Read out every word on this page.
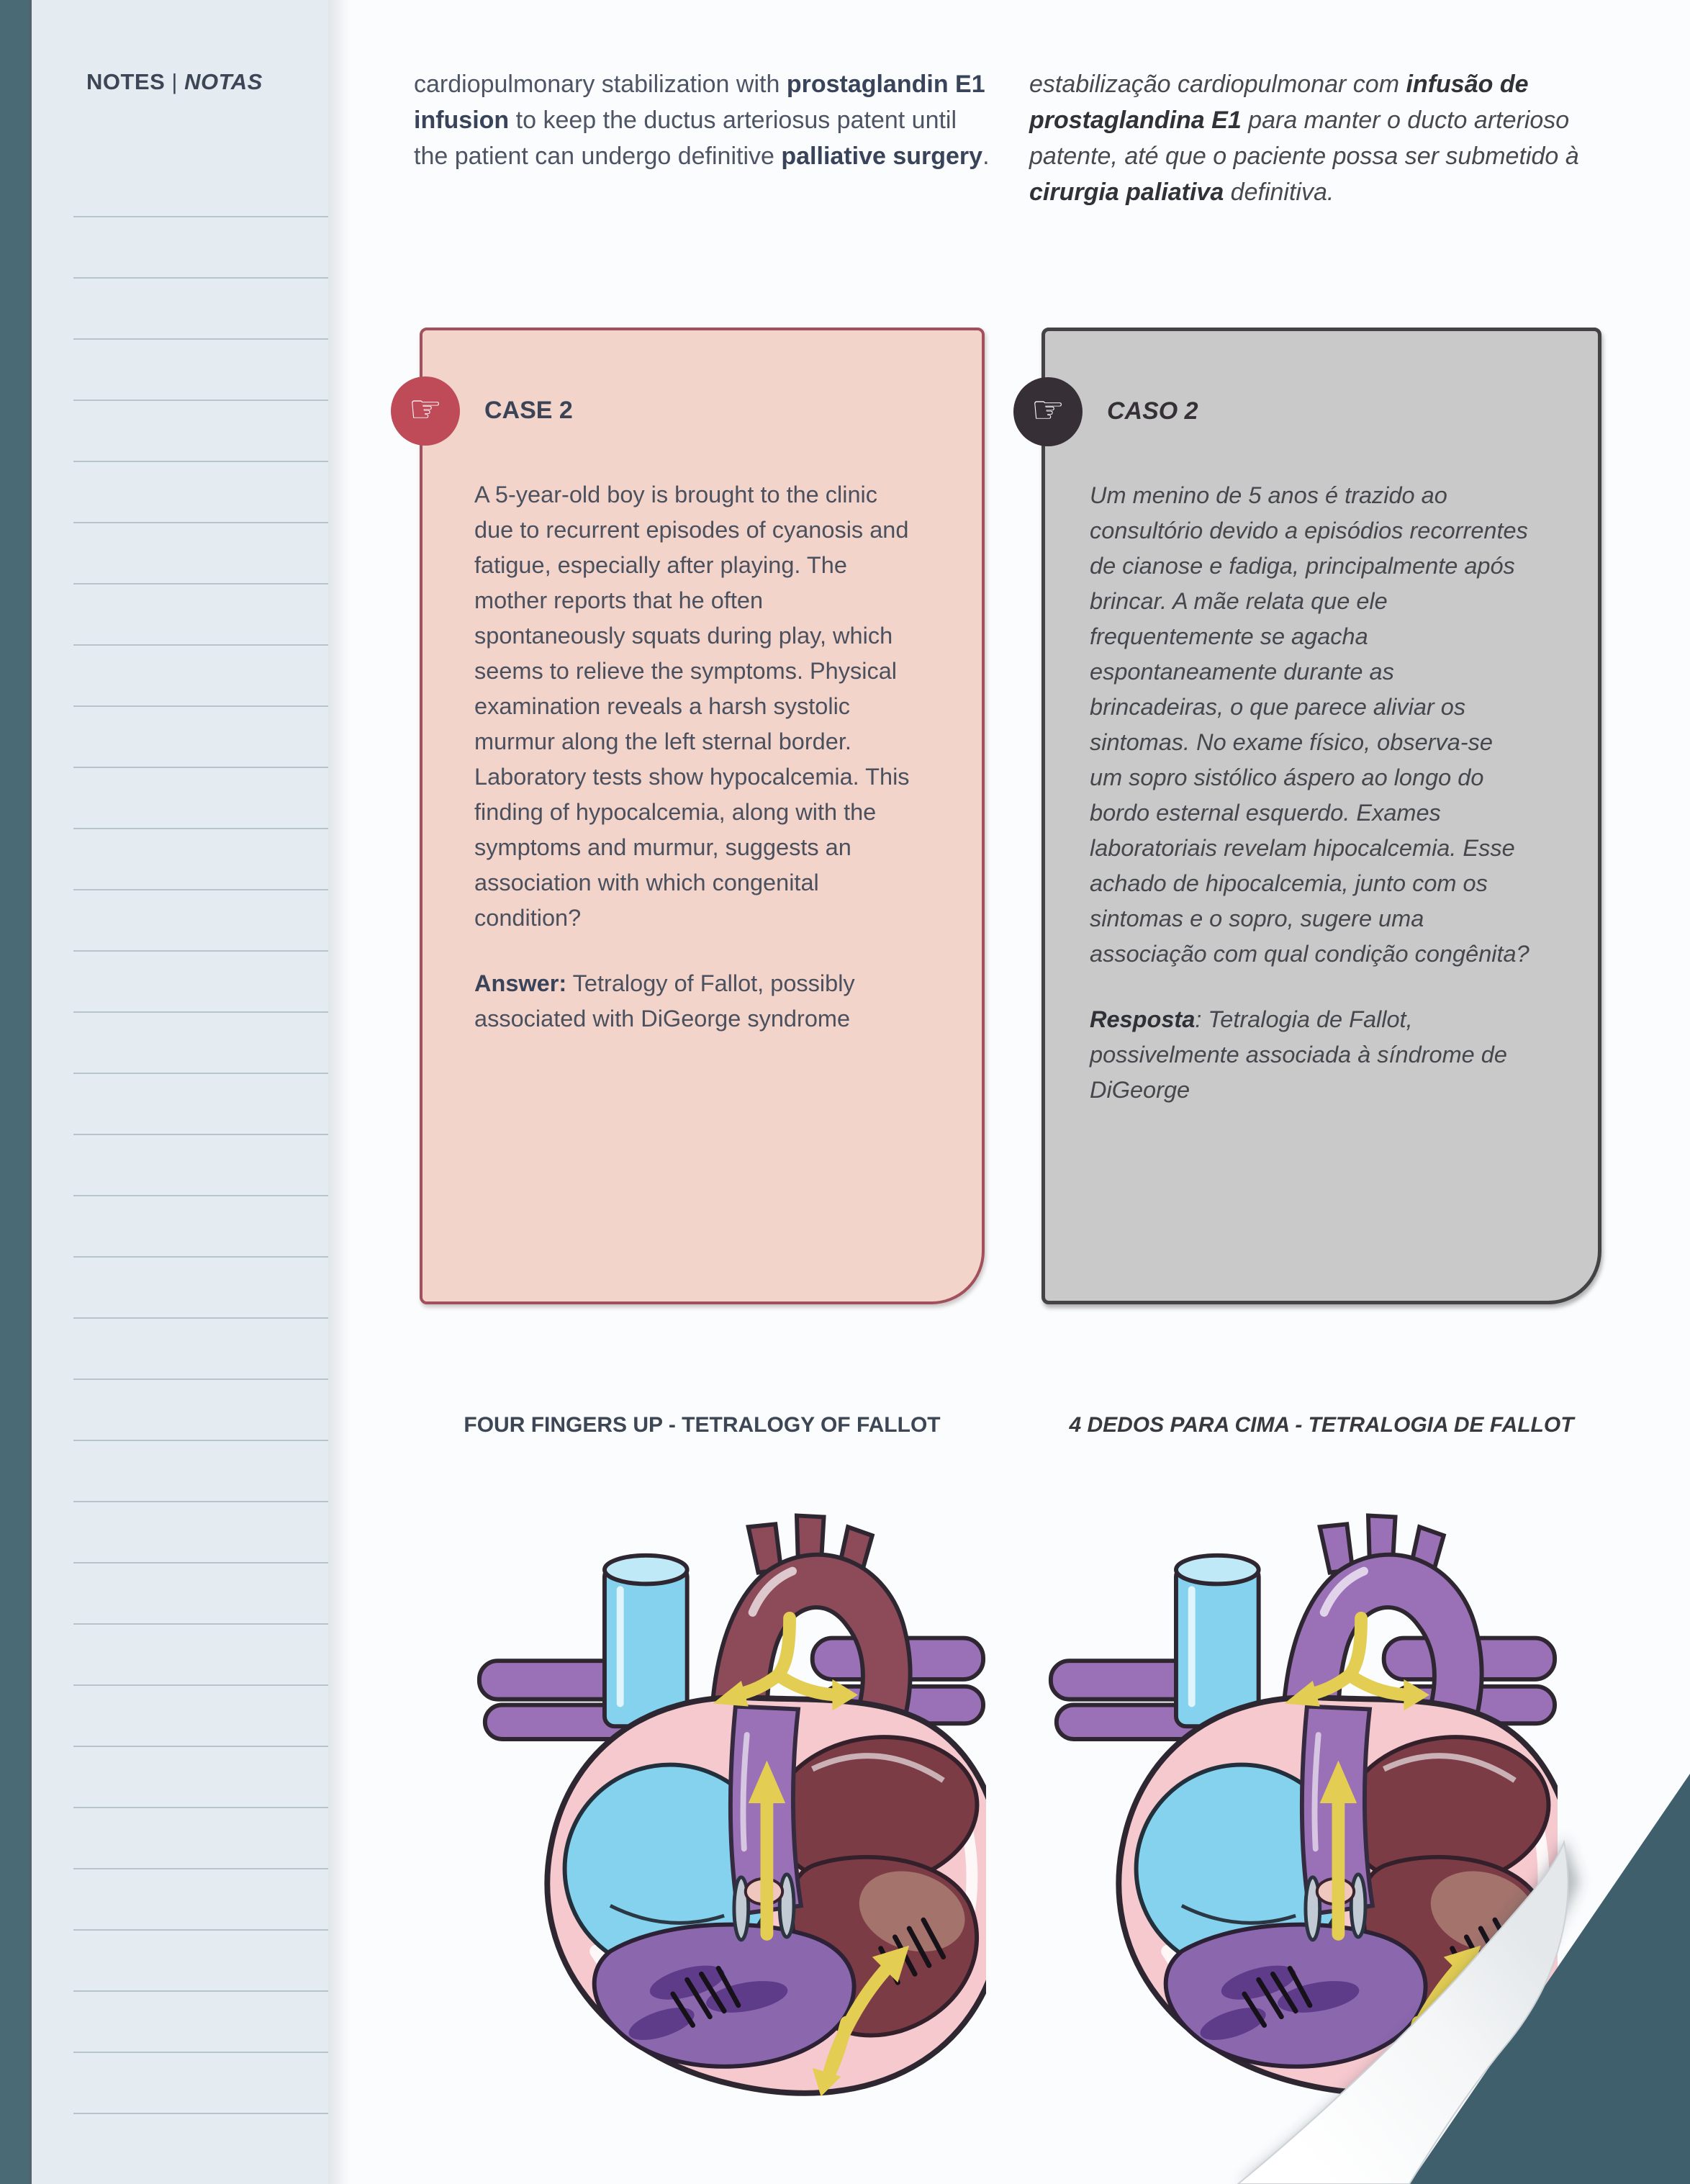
NOTES | NOTAS	cardiopulmonary stabilization with prostaglandin E1 infusion to keep the ductus arteriosus patent until the patient can undergo definitive palliative surgery.

estabilização cardiopulmonar com infusão de prostaglandina E1 para manter o ducto arterioso patente, até que o paciente possa ser submetido à cirurgia paliativa definitiva.

☞ CASE 2

A 5-year-old boy is brought to the clinic due to recurrent episodes of cyanosis and fatigue, especially after playing. The mother reports that he often spontaneously squats during play, which seems to relieve the symptoms. Physical examination reveals a harsh systolic murmur along the left sternal border. Laboratory tests show hypocalcemia. This finding of hypocalcemia, along with the symptoms and murmur, suggests an association with which congenital condition?

Answer: Tetralogy of Fallot, possibly associated with DiGeorge syndrome

☞ CASO 2

Um menino de 5 anos é trazido ao consultório devido a episódios recorrentes de cianose e fadiga, principalmente após brincar. A mãe relata que ele frequentemente se agacha espontaneamente durante as brincadeiras, o que parece aliviar os sintomas. No exame físico, observa-se um sopro sistólico áspero ao longo do bordo esternal esquerdo. Exames laboratoriais revelam hipocalcemia. Esse achado de hipocalcemia, junto com os sintomas e o sopro, sugere uma associação com qual condição congênita?

Resposta: Tetralogia de Fallot, possivelmente associada à síndrome de DiGeorge

FOUR FINGERS UP - TETRALOGY OF FALLOT	4 DEDOS PARA CIMA - TETRALOGIA DE FALLOT
